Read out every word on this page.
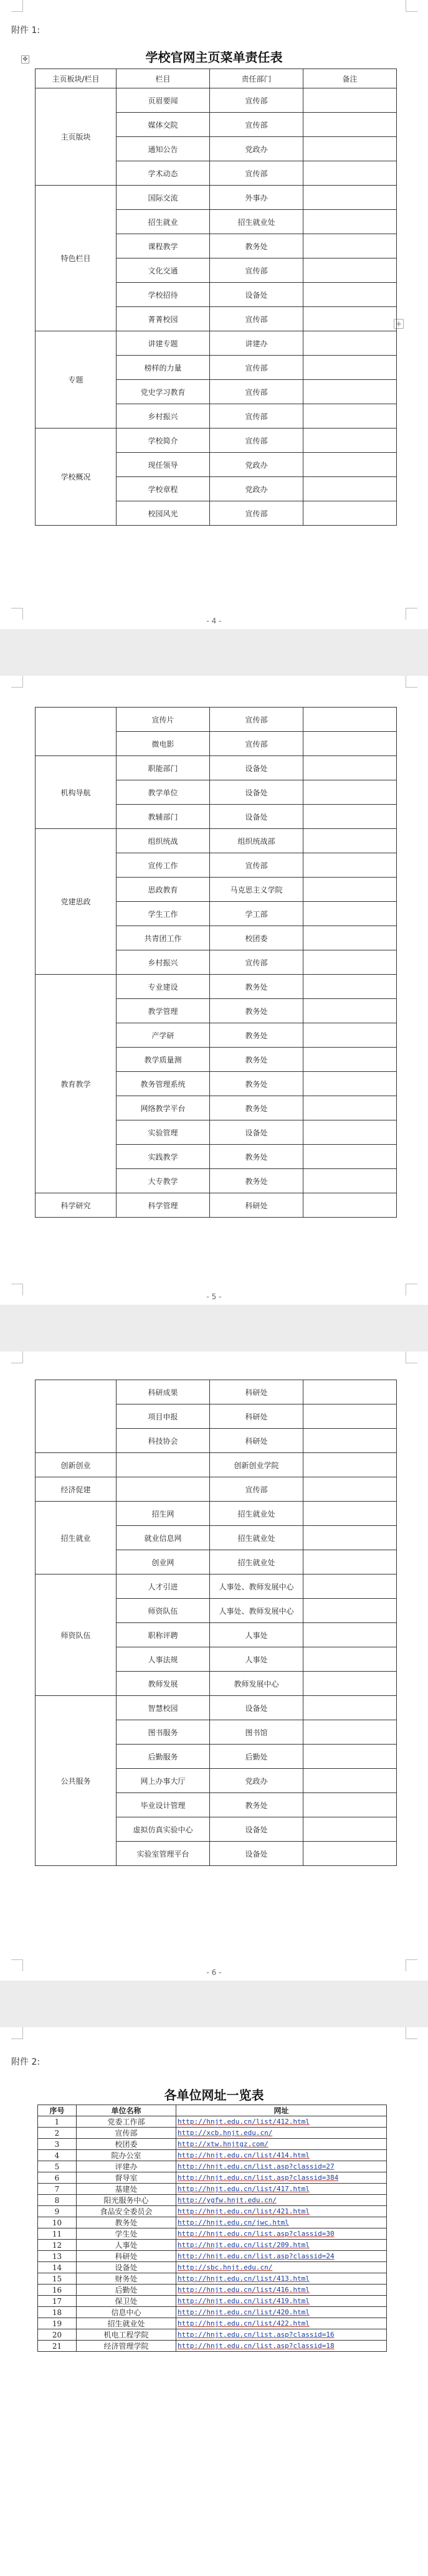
附件 1:
学校官网主页菜单责任表
✥
+
主页板块/栏目	栏目	责任部门	备注
主页版块	页眉要闻	宣传部	
	媒体交院	宣传部	
	通知公告	党政办	
	学术动态	宣传部	
特色栏目	国际交流	外事办	
	招生就业	招生就业处	
	课程教学	教务处	
	文化交通	宣传部	
	学校招待	设备处	
	菁菁校园	宣传部	
专题	讲建专题	讲建办	
	榜样的力量	宣传部	
	党史学习教育	宣传部	
	乡村振兴	宣传部	
学校概况	学校简介	宣传部	
	现任领导	党政办	
	学校章程	党政办	
	校园风光	宣传部	
- 4 -
	宣传片	宣传部	
	微电影	宣传部	
机构导航	职能部门	设备处	
	教学单位	设备处	
	教辅部门	设备处	
党建思政	组织统战	组织统战部	
	宣传工作	宣传部	
	思政教育	马克思主义学院	
	学生工作	学工部	
	共青团工作	校团委	
	乡村振兴	宣传部	
教育教学	专业建设	教务处	
	教学管理	教务处	
	产学研	教务处	
	教学质量测	教务处	
	教务管理系统	教务处	
	网络教学平台	教务处	
	实验管理	设备处	
	实践教学	教务处	
	大专教学	教务处	
科学研究	科学管理	科研处	
- 5 -
	科研成果	科研处	
	项目申报	科研处	
	科技协会	科研处	
创新创业		创新创业学院	
经济促建		宣传部	
招生就业	招生网	招生就业处	
	就业信息网	招生就业处	
	创业网	招生就业处	
师资队伍	人才引进	人事处、教师发展中心	
	师资队伍	人事处、教师发展中心	
	职称评聘	人事处	
	人事法规	人事处	
	教师发展	教师发展中心	
公共服务	智慧校园	设备处	
	图书服务	图书馆	
	后勤服务	后勤处	
	网上办事大厅	党政办	
	毕业设计管理	教务处	
	虚拟仿真实验中心	设备处	
	实验室管理平台	设备处	
- 6 -
附件 2:
各单位网址一览表
序号	单位名称	网址
1	党委工作部	http://hnjt.edu.cn/list/412.html
2	宣传部	http://xcb.hnjt.edu.cn/
3	校团委	http://xtw.hnjtgz.com/
4	院办公室	http://hnjt.edu.cn/list/414.html
5	评建办	http://hnjt.edu.cn/list.asp?classid=27
6	督导室	http://hnjt.edu.cn/list.asp?classid=384
7	基建处	http://hnjt.edu.cn/list/417.html
8	阳光服务中心	http://ygfw.hnjt.edu.cn/
9	食品安全委员会	http://hnjt.edu.cn/list/421.html
10	教务处	http://hnjt.edu.cn/jwc.html
11	学生处	http://hnjt.edu.cn/list.asp?classid=30
12	人事处	http://hnjt.edu.cn/list/209.html
13	科研处	http://hnjt.edu.cn/list.asp?classid=24
14	设备处	http://sbc.hnjt.edu.cn/
15	财务处	http://hnjt.edu.cn/list/413.html
16	后勤处	http://hnjt.edu.cn/list/416.html
17	保卫处	http://hnjt.edu.cn/list/419.html
18	信息中心	http://hnjt.edu.cn/list/420.html
19	招生就业处	http://hnjt.edu.cn/list/422.html
20	机电工程学院	http://hnjt.edu.cn/list.asp?classid=16
21	经济管理学院	http://hnjt.edu.cn/list.asp?classid=18
